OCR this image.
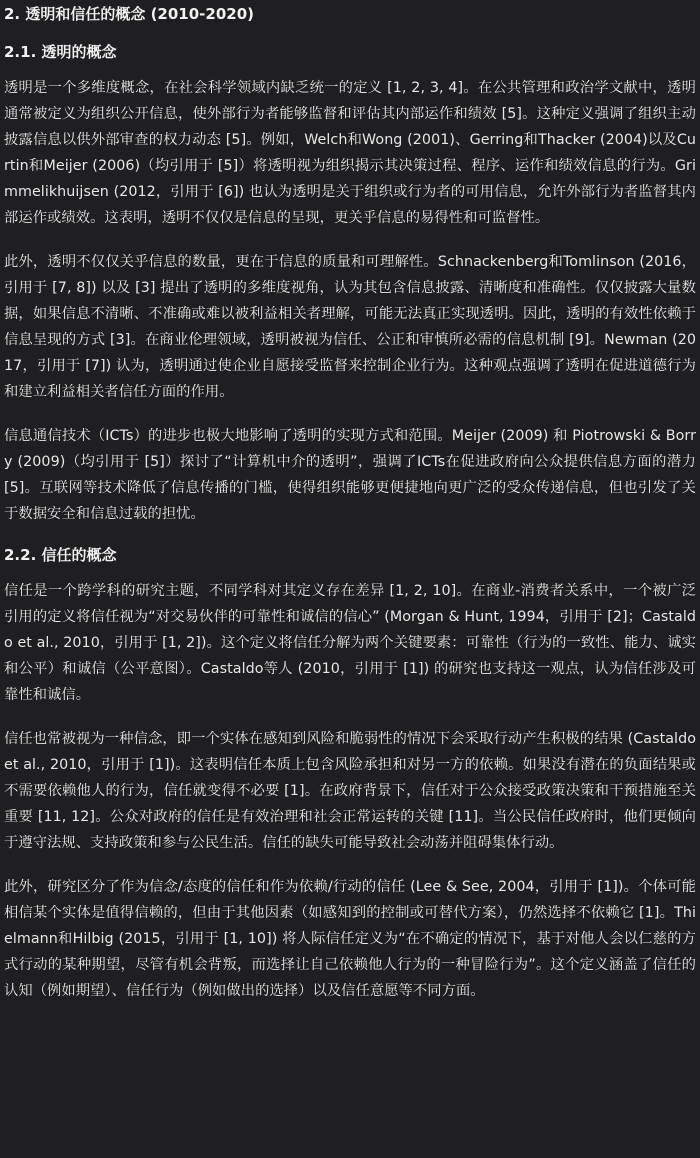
2. 透明和信任的概念 (2010-2020)
2.1. 透明的概念

透明是一个多维度概念，在社会科学领域内缺乏统一的定义 [1, 2, 3, 4]。在公共管理和政治学文献中，透明通常被定义为组织公开信息，使外部行为者能够监督和评估其内部运作和绩效 [5]。这种定义强调了组织主动披露信息以供外部审查的权力动态 [5]。例如，Welch和Wong (2001)、Gerring和Thacker (2004)以及Curtin和Meijer (2006)（均引用于 [5]）将透明视为组织揭示其决策过程、程序、运作和绩效信息的行为。Grimmelikhuijsen (2012，引用于 [6]) 也认为透明是关于组织或行为者的可用信息，允许外部行为者监督其内部运作或绩效。这表明，透明不仅仅是信息的呈现，更关乎信息的易得性和可监督性。

此外，透明不仅仅关乎信息的数量，更在于信息的质量和可理解性。Schnackenberg和Tomlinson (2016，引用于 [7, 8]) 以及 [3] 提出了透明的多维度视角，认为其包含信息披露、清晰度和准确性。仅仅披露大量数据，如果信息不清晰、不准确或难以被利益相关者理解，可能无法真正实现透明。因此，透明的有效性依赖于信息呈现的方式 [3]。在商业伦理领域，透明被视为信任、公正和审慎所必需的信息机制 [9]。Newman (2017，引用于 [7]) 认为，透明通过使企业自愿接受监督来控制企业行为。这种观点强调了透明在促进道德行为和建立利益相关者信任方面的作用。

信息通信技术（ICTs）的进步也极大地影响了透明的实现方式和范围。Meijer (2009) 和 Piotrowski & Borry (2009)（均引用于 [5]）探讨了“计算机中介的透明”，强调了ICTs在促进政府向公众提供信息方面的潜力 [5]。互联网等技术降低了信息传播的门槛，使得组织能够更便捷地向更广泛的受众传递信息，但也引发了关于数据安全和信息过载的担忧。

2.2. 信任的概念

信任是一个跨学科的研究主题，不同学科对其定义存在差异 [1, 2, 10]。在商业-消费者关系中，一个被广泛引用的定义将信任视为“对交易伙伴的可靠性和诚信的信心” (Morgan & Hunt, 1994，引用于 [2]；Castaldo et al., 2010，引用于 [1, 2])。这个定义将信任分解为两个关键要素：可靠性（行为的一致性、能力、诚实和公平）和诚信（公平意图）。Castaldo等人 (2010，引用于 [1]) 的研究也支持这一观点，认为信任涉及可靠性和诚信。

信任也常被视为一种信念，即一个实体在感知到风险和脆弱性的情况下会采取行动产生积极的结果 (Castaldo et al., 2010，引用于 [1])。这表明信任本质上包含风险承担和对另一方的依赖。如果没有潜在的负面结果或不需要依赖他人的行为，信任就变得不必要 [1]。在政府背景下，信任对于公众接受政策决策和干预措施至关重要 [11, 12]。公众对政府的信任是有效治理和社会正常运转的关键 [11]。当公民信任政府时，他们更倾向于遵守法规、支持政策和参与公民生活。信任的缺失可能导致社会动荡并阻碍集体行动。

此外，研究区分了作为信念/态度的信任和作为依赖/行动的信任 (Lee & See, 2004，引用于 [1])。个体可能相信某个实体是值得信赖的，但由于其他因素（如感知到的控制或可替代方案），仍然选择不依赖它 [1]。Thielmann和Hilbig (2015，引用于 [1, 10]) 将人际信任定义为“在不确定的情况下，基于对他人会以仁慈的方式行动的某种期望，尽管有机会背叛，而选择让自己依赖他人行为的一种冒险行为”。这个定义涵盖了信任的认知（例如期望）、信任行为（例如做出的选择）以及信任意愿等不同方面。
